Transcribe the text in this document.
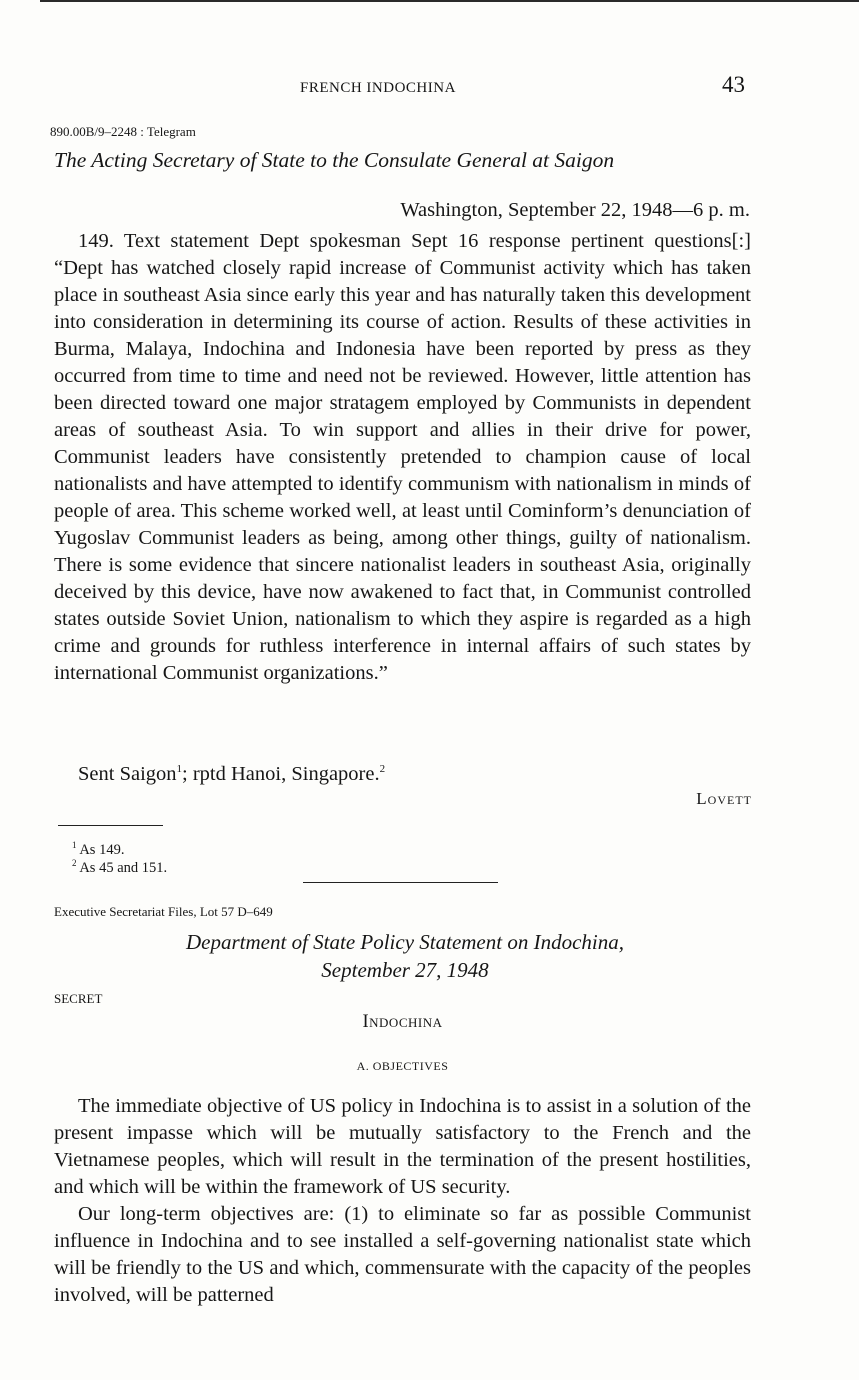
FRENCH INDOCHINA	43
890.00B/9–2248 : Telegram
The Acting Secretary of State to the Consulate General at Saigon
Washington, September 22, 1948—6 p. m.

149. Text statement Dept spokesman Sept 16 response pertinent questions[:] “Dept has watched closely rapid increase of Communist activity which has taken place in southeast Asia since early this year and has naturally taken this development into consideration in determining its course of action. Results of these activities in Burma, Malaya, Indochina and Indonesia have been reported by press as they occurred from time to time and need not be reviewed. However, little attention has been directed toward one major stratagem employed by Communists in dependent areas of southeast Asia. To win support and allies in their drive for power, Communist leaders have consistently pretended to champion cause of local nationalists and have attempted to identify communism with nationalism in minds of people of area. This scheme worked well, at least until Cominform’s denunciation of Yugoslav Communist leaders as being, among other things, guilty of nationalism. There is some evidence that sincere nationalist leaders in southeast Asia, originally deceived by this device, have now awakened to fact that, in Communist controlled states outside Soviet Union, nationalism to which they aspire is regarded as a high crime and grounds for ruthless interference in internal affairs of such states by international Communist organizations.”

Sent Saigon$^1$; rptd Hanoi, Singapore.$^2$
Lovett
$^1$ As 149.
$^2$ As 45 and 151.
Executive Secretariat Files, Lot 57 D–649
Department of State Policy Statement on Indochina,
September 27, 1948
SECRET
Indochina
A. OBJECTIVES

The immediate objective of US policy in Indochina is to assist in a solution of the present impasse which will be mutually satisfactory to the French and the Vietnamese peoples, which will result in the termination of the present hostilities, and which will be within the framework of US security.

Our long-term objectives are: (1) to eliminate so far as possible Communist influence in Indochina and to see installed a self-governing nationalist state which will be friendly to the US and which, commensurate with the capacity of the peoples involved, will be patterned
